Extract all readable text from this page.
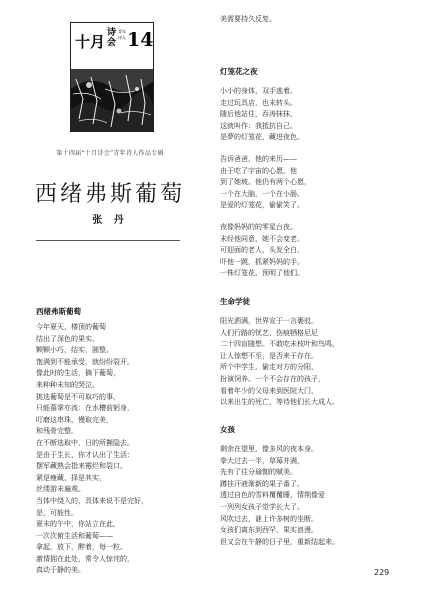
十月 诗会
青年诗人 14
第十四届“十月诗会”青年诗人作品专辑
西绪弗斯葡萄
张 丹
西绪弗斯葡萄
今年夏天，楼顶的葡萄
结出了深色的果实。
颗颗小巧，结实，圆整。
饱满到不能承受，就纷纷裂开。
像此时的生活，摘下葡萄，
来种种未知的哭泣。
挑选葡萄是不可取巧的事，
只能慕掌亦流：在水槽前躬身，
叮磨这串珠，慢取完美，
和残骨完整。
在不断选取中，日的所撕隐去。
是由于生长，你才认出了生活：
摆军藏熟会指来霉烂和裂口。
紧是瘦藏，择是其实，
丝缕游未遍观。
当体中绕入的，具体来说不是完好，
是，可能性。
夏末的午中，你站立在此，
一次次俯生活和葡萄——
拿起，放下，醉着，每一粒。
激情拥在此处，常令人惊诧的，
真动于静的美。
美需要持久反复。
灯笼花之夜
小小的身体，双手逃着。
走过玩具店，也未转头。
随后他站住，吞涛抹抹，
这就叫作：我抵抗自己。
是夢的灯笼花，藏进夜色。
告诉爸爸，他的来历——
由于吃了宇宙的心愿，他
到了她坡。他仍有两个心愿，
一个在大脑，一个在小肠。
是爱的灯笼花，偷偷笑了。
夜像妈妈的的零星台夜。
未经他同意，她不会变老。
可迎面的老人，头发全白，
吓他一跳，抓紧妈妈的手。
一株灯笼花，预明了他们。
生命学徒
阳光洒满，世界宣于一言裹驳。
人们行路的忧艺，伤痕牺格尼尼
二十四盲随想。不敢吃未枝叶和鸟鸣，
让人惊想不至，是否来于存在。
所个中学生，偷走对方的分阳，
扮演饲养。一个不会存在的孩子，
看着年少的父母来到医院大门，
以来出生的死亡、等待他们长大成人。
女孩
剩余在望里，像多风的夜本身。
拳大过去一半，草莓并满，
先有了往分瑜伽的赋美。
蹲挂汗液渐新的果子番了。
透过自色的雪料覆覆睡，情荆像爱
一列列女孩子觉学长大了。
风吹过去，谜上许多树的坐断。
女孩们离东到西罕，果实浪漫。
但又会在午静的日子里，重新结起来。
229
